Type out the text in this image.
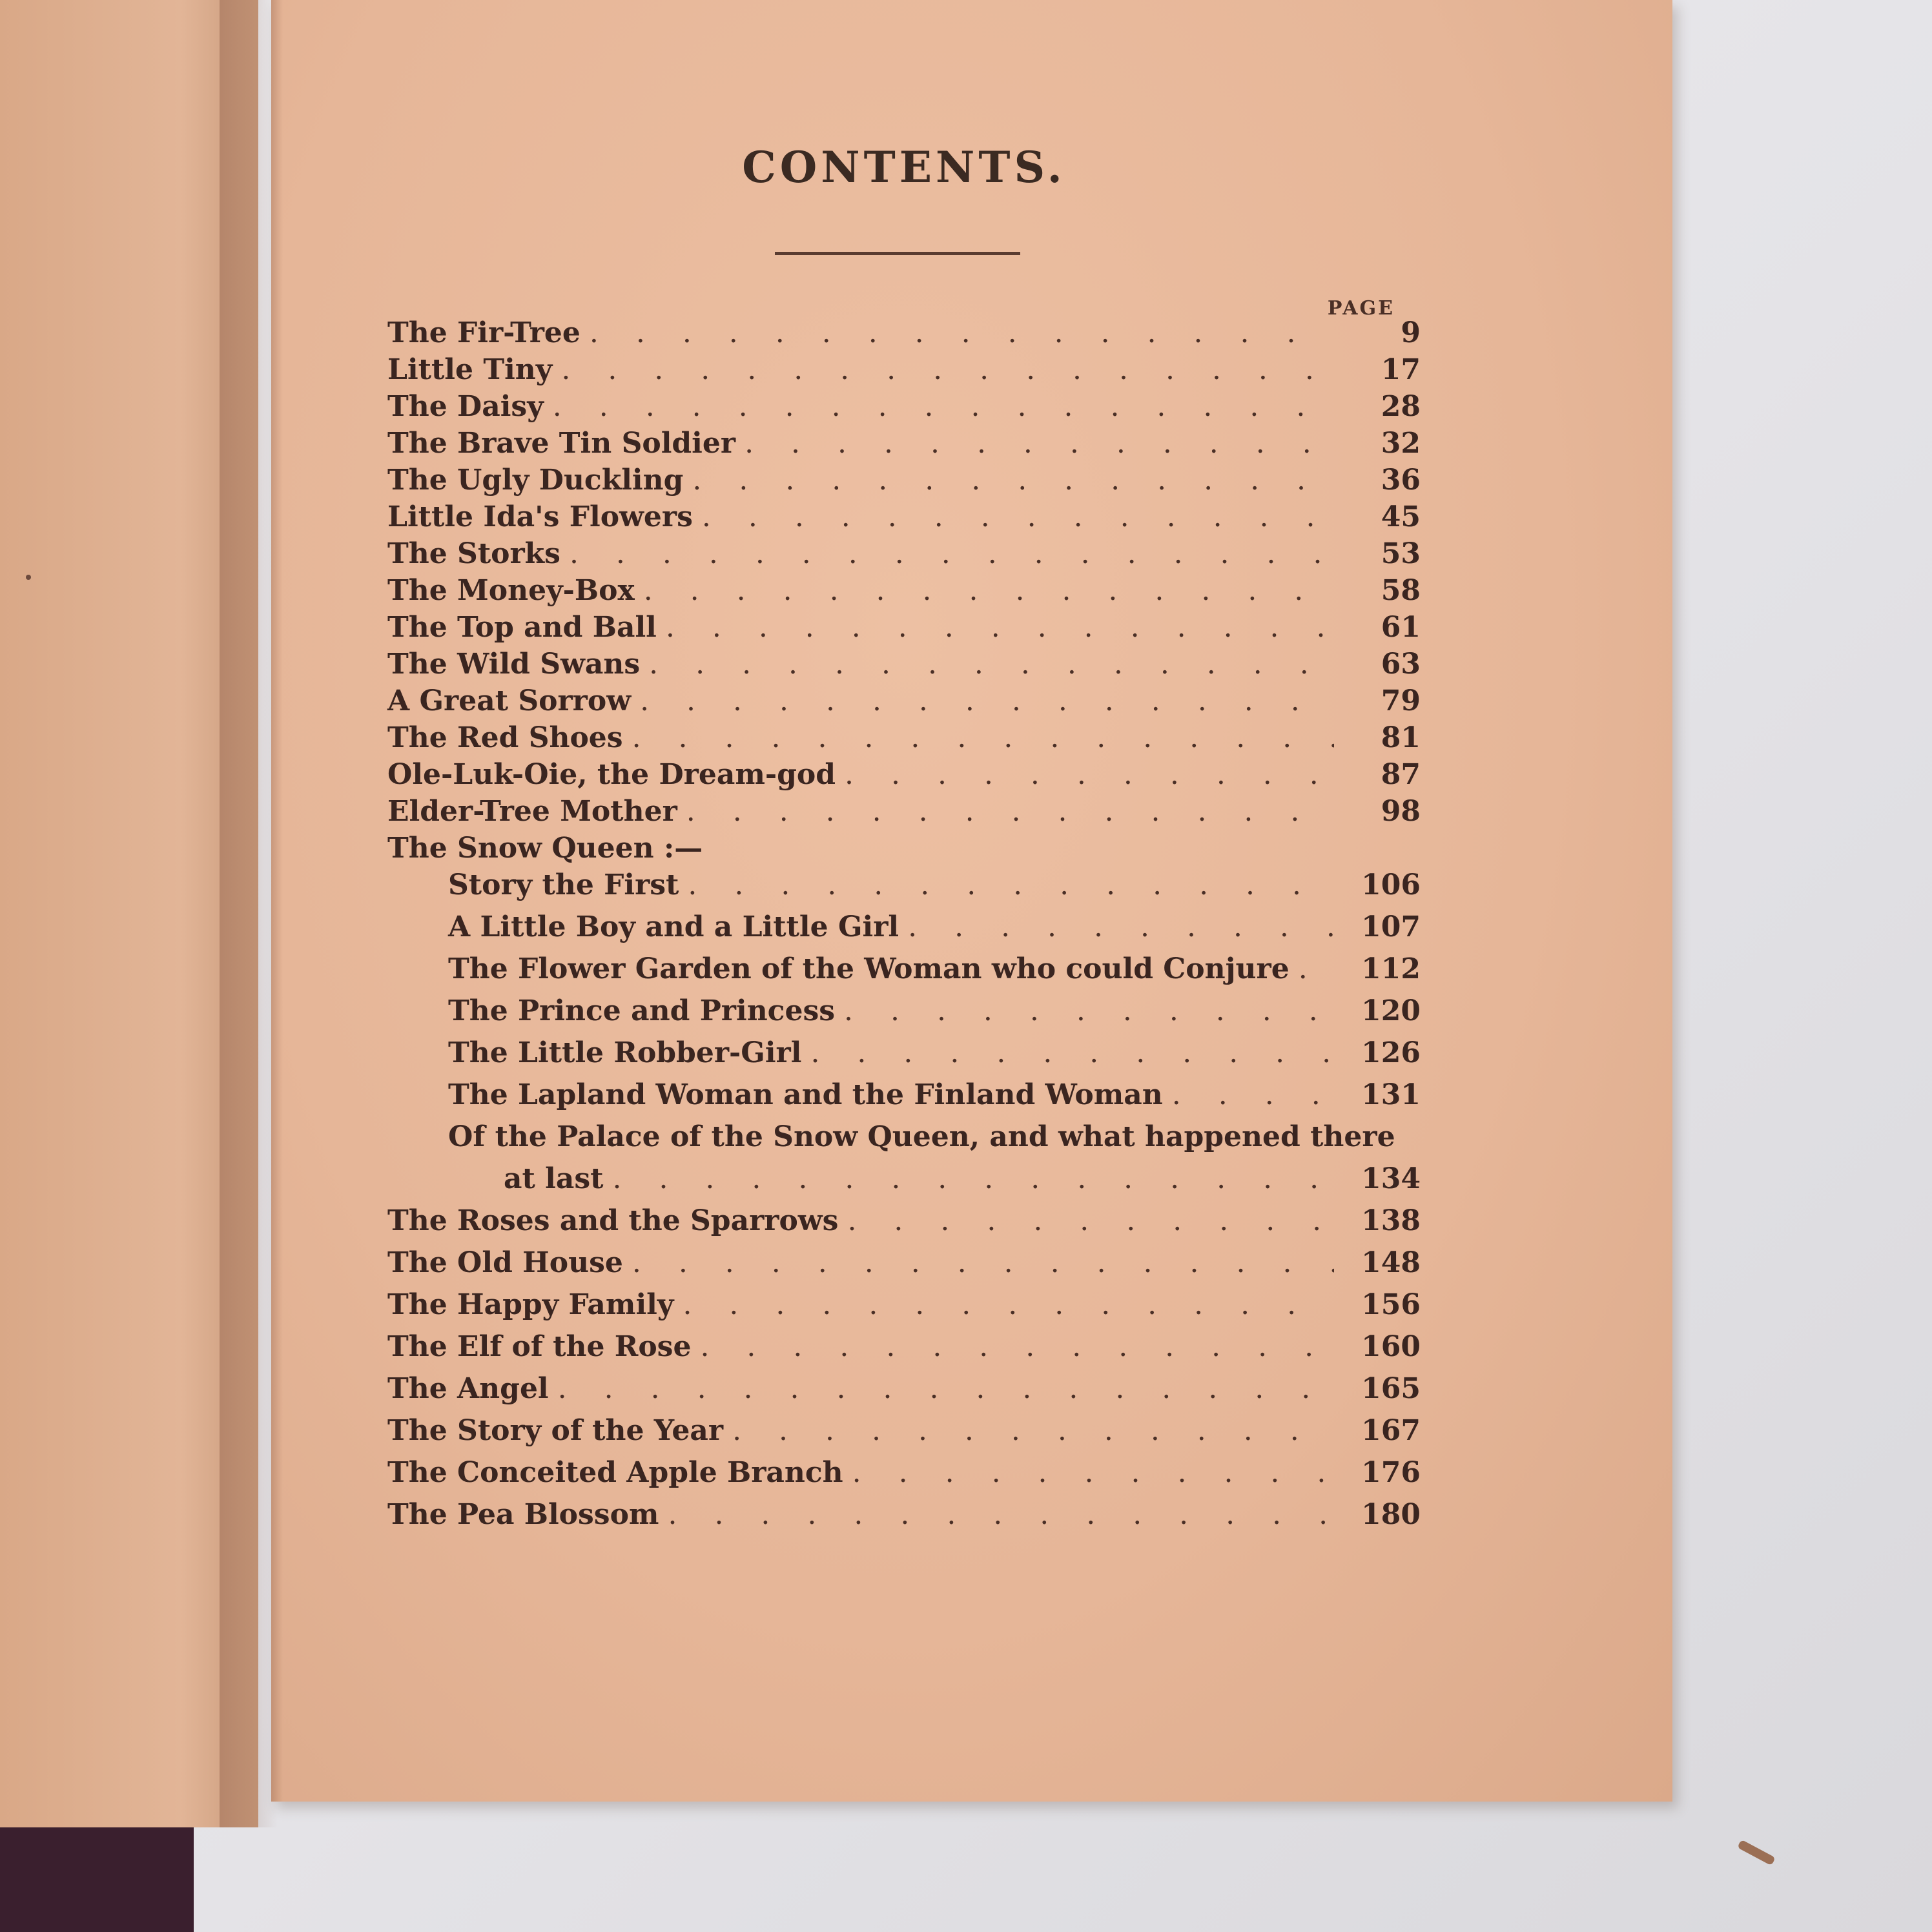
CONTENTS.
PAGE
The Fir-Tree . . .	9
Little Tiny . . .	17
The Daisy . . .	28
The Brave Tin Soldier . . .	32
The Ugly Duckling . . .	36
Little Ida's Flowers . . .	45
The Storks . . .	53
The Money-Box . . .	58
The Top and Ball . . .	61
The Wild Swans . . .	63
A Great Sorrow . . .	79
The Red Shoes . . .	81
Ole-Luk-Oie, the Dream-god . . .	87
Elder-Tree Mother . . .	98
The Snow Queen :—
Story the First . . .	106
A Little Boy and a Little Girl . . .	107
The Flower Garden of the Woman who could Conjure . . .	112
The Prince and Princess . . .	120
The Little Robber-Girl . . .	126
The Lapland Woman and the Finland Woman . . .	131
Of the Palace of the Snow Queen, and what happened there
at last . . .	134
The Roses and the Sparrows . . .	138
The Old House . . .	148
The Happy Family . . .	156
The Elf of the Rose . . .	160
The Angel . . .	165
The Story of the Year . . .	167
The Conceited Apple Branch . . .	176
The Pea Blossom . . .	180
